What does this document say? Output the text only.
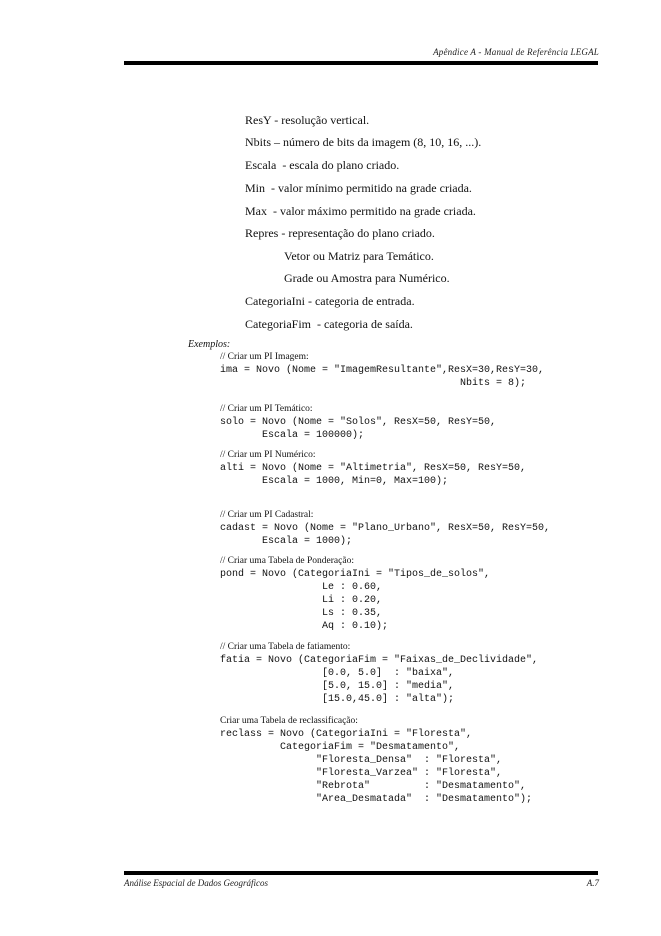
Apêndice A - Manual de Referência LEGAL
ResY - resolução vertical.
Nbits – número de bits da imagem (8, 10, 16, ...).
Escala  - escala do plano criado.
Min  - valor mínimo permitido na grade criada.
Max  - valor máximo permitido na grade criada.
Repres - representação do plano criado.
Vetor ou Matriz para Temático.
Grade ou Amostra para Numérico.
CategoriaIni - categoria de entrada.
CategoriaFim  - categoria de saída.
Exemplos:
// Criar um PI Imagem:
ima = Novo (Nome = "ImagemResultante",ResX=30,ResY=30,
Nbits = 8);
// Criar um PI Temático:
solo = Novo (Nome = "Solos", ResX=50, ResY=50,
Escala = 100000);
// Criar um PI Numérico:
alti = Novo (Nome = "Altimetria", ResX=50, ResY=50,
Escala = 1000, Min=0, Max=100);
// Criar um PI Cadastral:
cadast = Novo (Nome = "Plano_Urbano", ResX=50, ResY=50,
Escala = 1000);
// Criar uma Tabela de Ponderação:
pond = Novo (CategoriaIni = "Tipos_de_solos",
Le : 0.60,
Li : 0.20,
Ls : 0.35,
Aq : 0.10);
// Criar uma Tabela de fatiamento:
fatia = Novo (CategoriaFim = "Faixas_de_Declividade",
[0.0, 5.0]  : "baixa",
[5.0, 15.0] : "media",
[15.0,45.0] : "alta");
Criar uma Tabela de reclassificação:
reclass = Novo (CategoriaIni = "Floresta",
CategoriaFim = "Desmatamento",
"Floresta_Densa"  : "Floresta",
"Floresta_Varzea" : "Floresta",
"Rebrota"         : "Desmatamento",
"Area_Desmatada"  : "Desmatamento");
Análise Espacial de Dados Geográficos	A.7
